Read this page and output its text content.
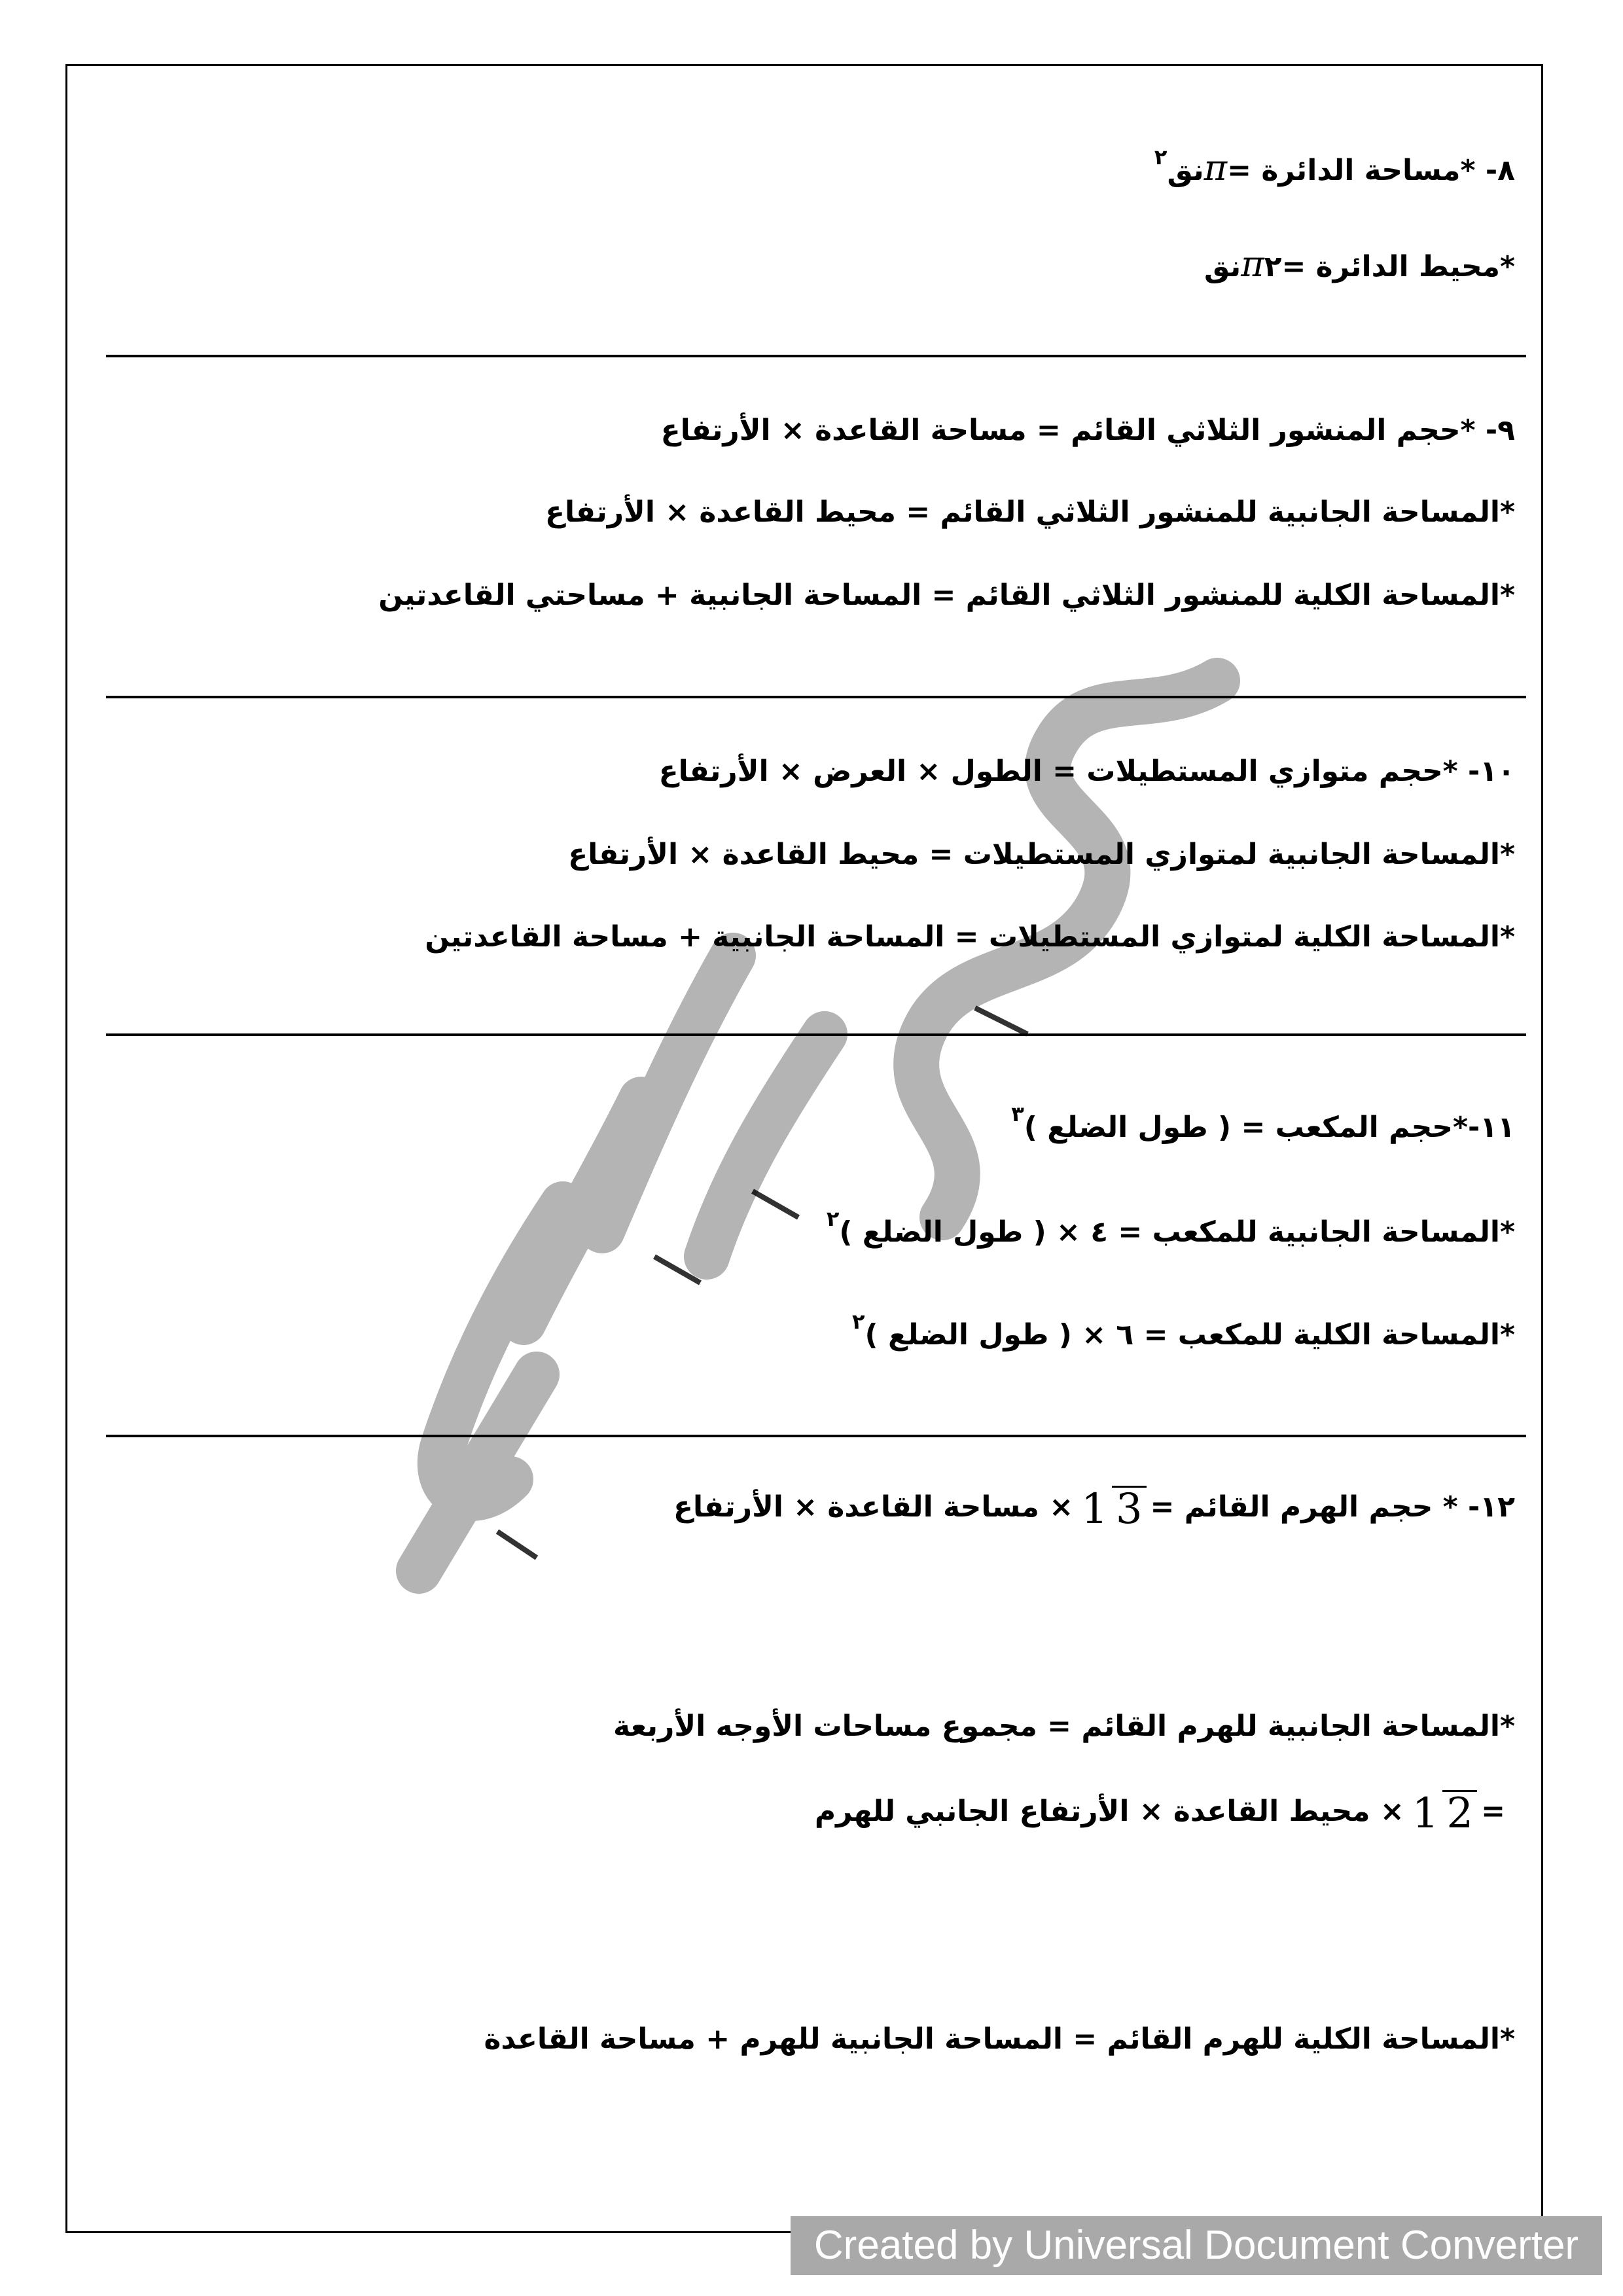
٨- *مساحة الدائرة =πنق$^٢$
*محيط الدائرة =٢πنق
٩- *حجم المنشور الثلاثي القائم = مساحة القاعدة × الأرتفاع
*المساحة الجانبية للمنشور الثلاثي القائم = محيط القاعدة × الأرتفاع
*المساحة الكلية للمنشور الثلاثي القائم = المساحة الجانبية + مساحتي القاعدتين
١٠- *حجم متوازي المستطيلات = الطول × العرض × الأرتفاع
*المساحة الجانبية لمتوازي المستطيلات = محيط القاعدة × الأرتفاع
*المساحة الكلية لمتوازي المستطيلات = المساحة الجانبية + مساحة القاعدتين
١١-*حجم المكعب = ( طول الضلع )$^٣$
*المساحة الجانبية للمكعب = ٤ × ( طول الضلع )$^٢$
*المساحة الكلية للمكعب = ٦ × ( طول الضلع )$^٢$
١٢- * حجم الهرم القائم =1 3× مساحة القاعدة × الأرتفاع
*المساحة الجانبية للهرم القائم = مجموع مساحات الأوجه الأربعة
=1 2× محيط القاعدة × الأرتفاع الجانبي للهرم
*المساحة الكلية للهرم القائم = المساحة الجانبية للهرم + مساحة القاعدة
Created by Universal Document Converter
